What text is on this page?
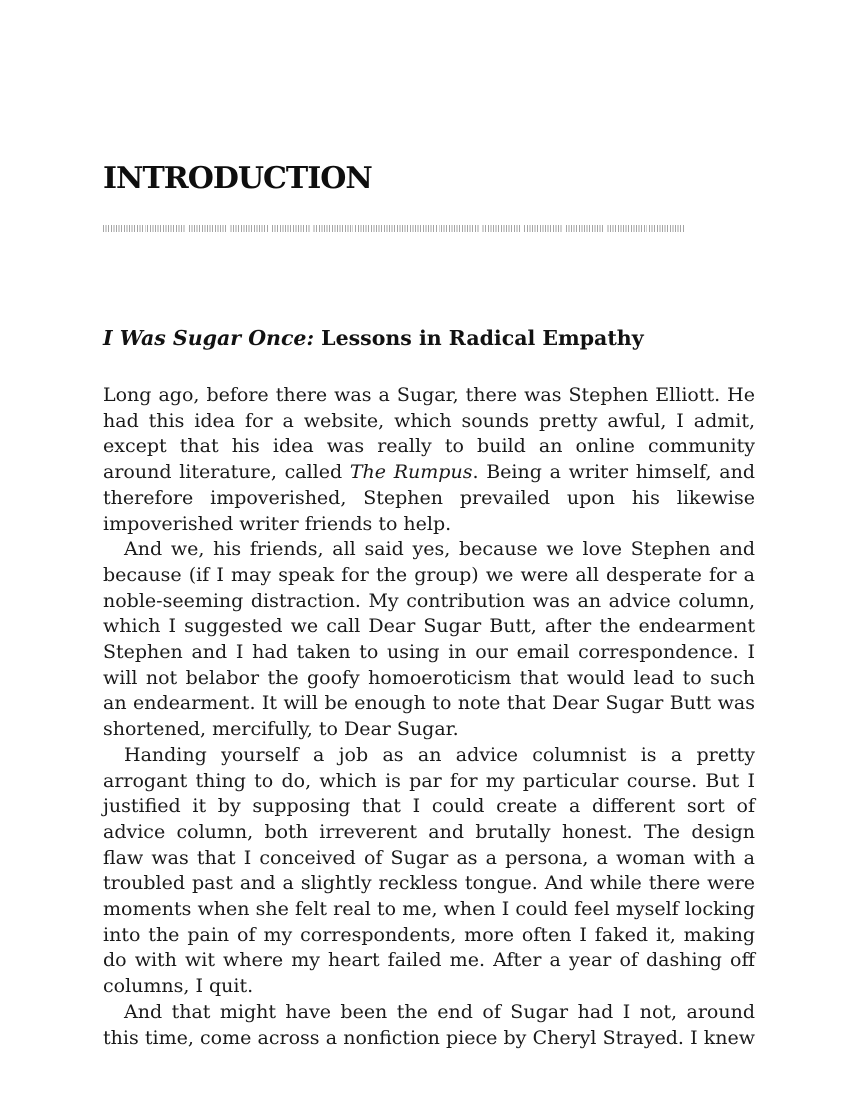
INTRODUCTION
I Was Sugar Once: Lessons in Radical Empathy

Long ago, before there was a Sugar, there was Stephen Elliott. He had this idea for a website, which sounds pretty awful, I admit, except that his idea was really to build an online community around literature, called The Rumpus. Being a writer himself, and therefore impoverished, Stephen prevailed upon his likewise impoverished writer friends to help.

And we, his friends, all said yes, because we love Stephen and because (if I may speak for the group) we were all desperate for a noble-seeming distraction. My contribution was an advice column, which I suggested we call Dear Sugar Butt, after the endearment Stephen and I had taken to using in our email correspondence. I will not belabor the goofy homoeroticism that would lead to such an endearment. It will be enough to note that Dear Sugar Butt was shortened, mercifully, to Dear Sugar.

Handing yourself a job as an advice columnist is a pretty arrogant thing to do, which is par for my particular course. But I justified it by supposing that I could create a different sort of advice column, both irreverent and brutally honest. The design flaw was that I conceived of Sugar as a persona, a woman with a troubled past and a slightly reckless tongue. And while there were moments when she felt real to me, when I could feel myself locking into the pain of my correspondents, more often I faked it, making do with wit where my heart failed me. After a year of dashing off columns, I quit.

And that might have been the end of Sugar had I not, around this time, come across a nonfiction piece by Cheryl Strayed. I knew
